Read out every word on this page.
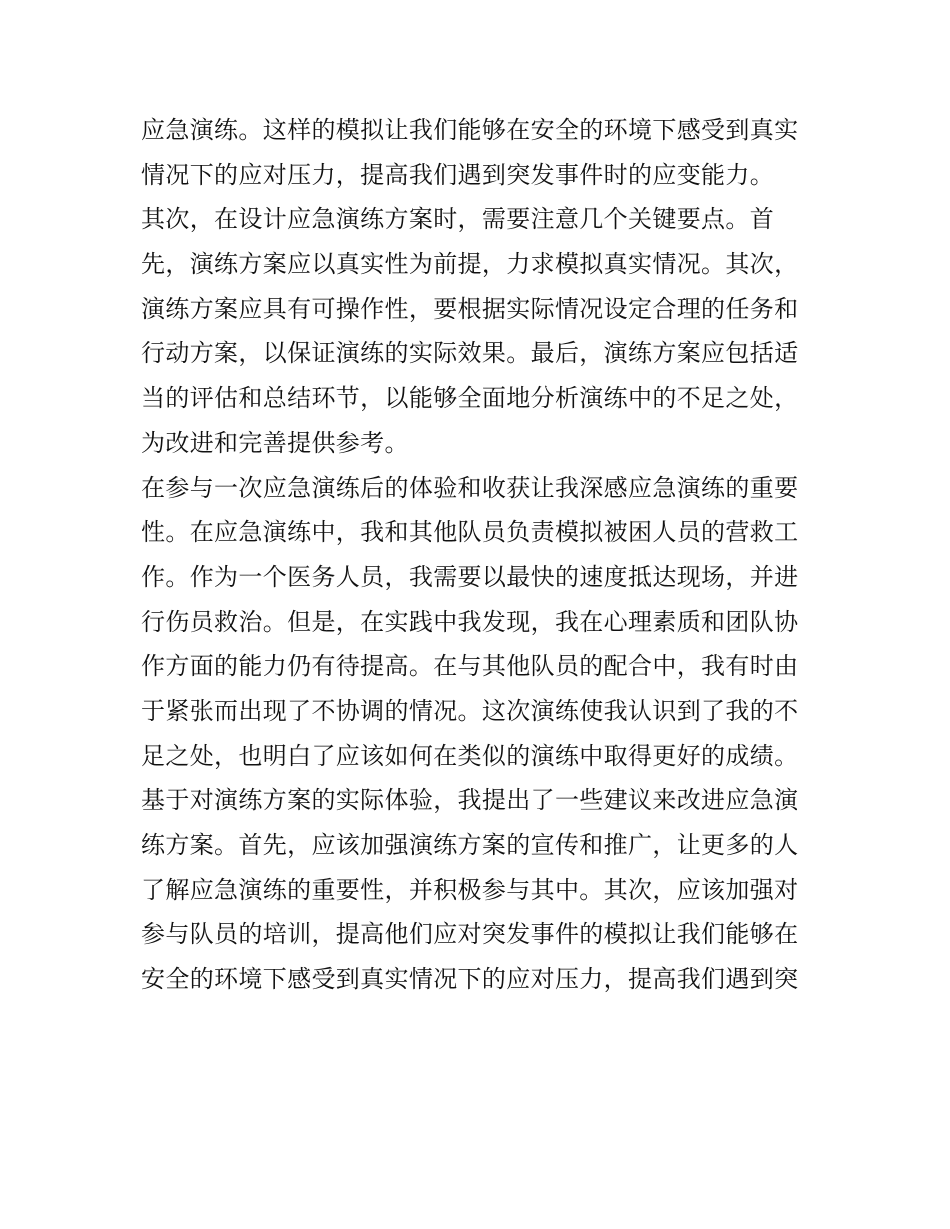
应急演练。这样的模拟让我们能够在安全的环境下感受到真实
情况下的应对压力，提高我们遇到突发事件时的应变能力。
其次，在设计应急演练方案时，需要注意几个关键要点。首
先，演练方案应以真实性为前提，力求模拟真实情况。其次，
演练方案应具有可操作性，要根据实际情况设定合理的任务和
行动方案，以保证演练的实际效果。最后，演练方案应包括适
当的评估和总结环节，以能够全面地分析演练中的不足之处，
为改进和完善提供参考。
在参与一次应急演练后的体验和收获让我深感应急演练的重要
性。在应急演练中，我和其他队员负责模拟被困人员的营救工
作。作为一个医务人员，我需要以最快的速度抵达现场，并进
行伤员救治。但是，在实践中我发现，我在心理素质和团队协
作方面的能力仍有待提高。在与其他队员的配合中，我有时由
于紧张而出现了不协调的情况。这次演练使我认识到了我的不
足之处，也明白了应该如何在类似的演练中取得更好的成绩。
基于对演练方案的实际体验，我提出了一些建议来改进应急演
练方案。首先，应该加强演练方案的宣传和推广，让更多的人
了解应急演练的重要性，并积极参与其中。其次，应该加强对
参与队员的培训，提高他们应对突发事件的模拟让我们能够在
安全的环境下感受到真实情况下的应对压力，提高我们遇到突
